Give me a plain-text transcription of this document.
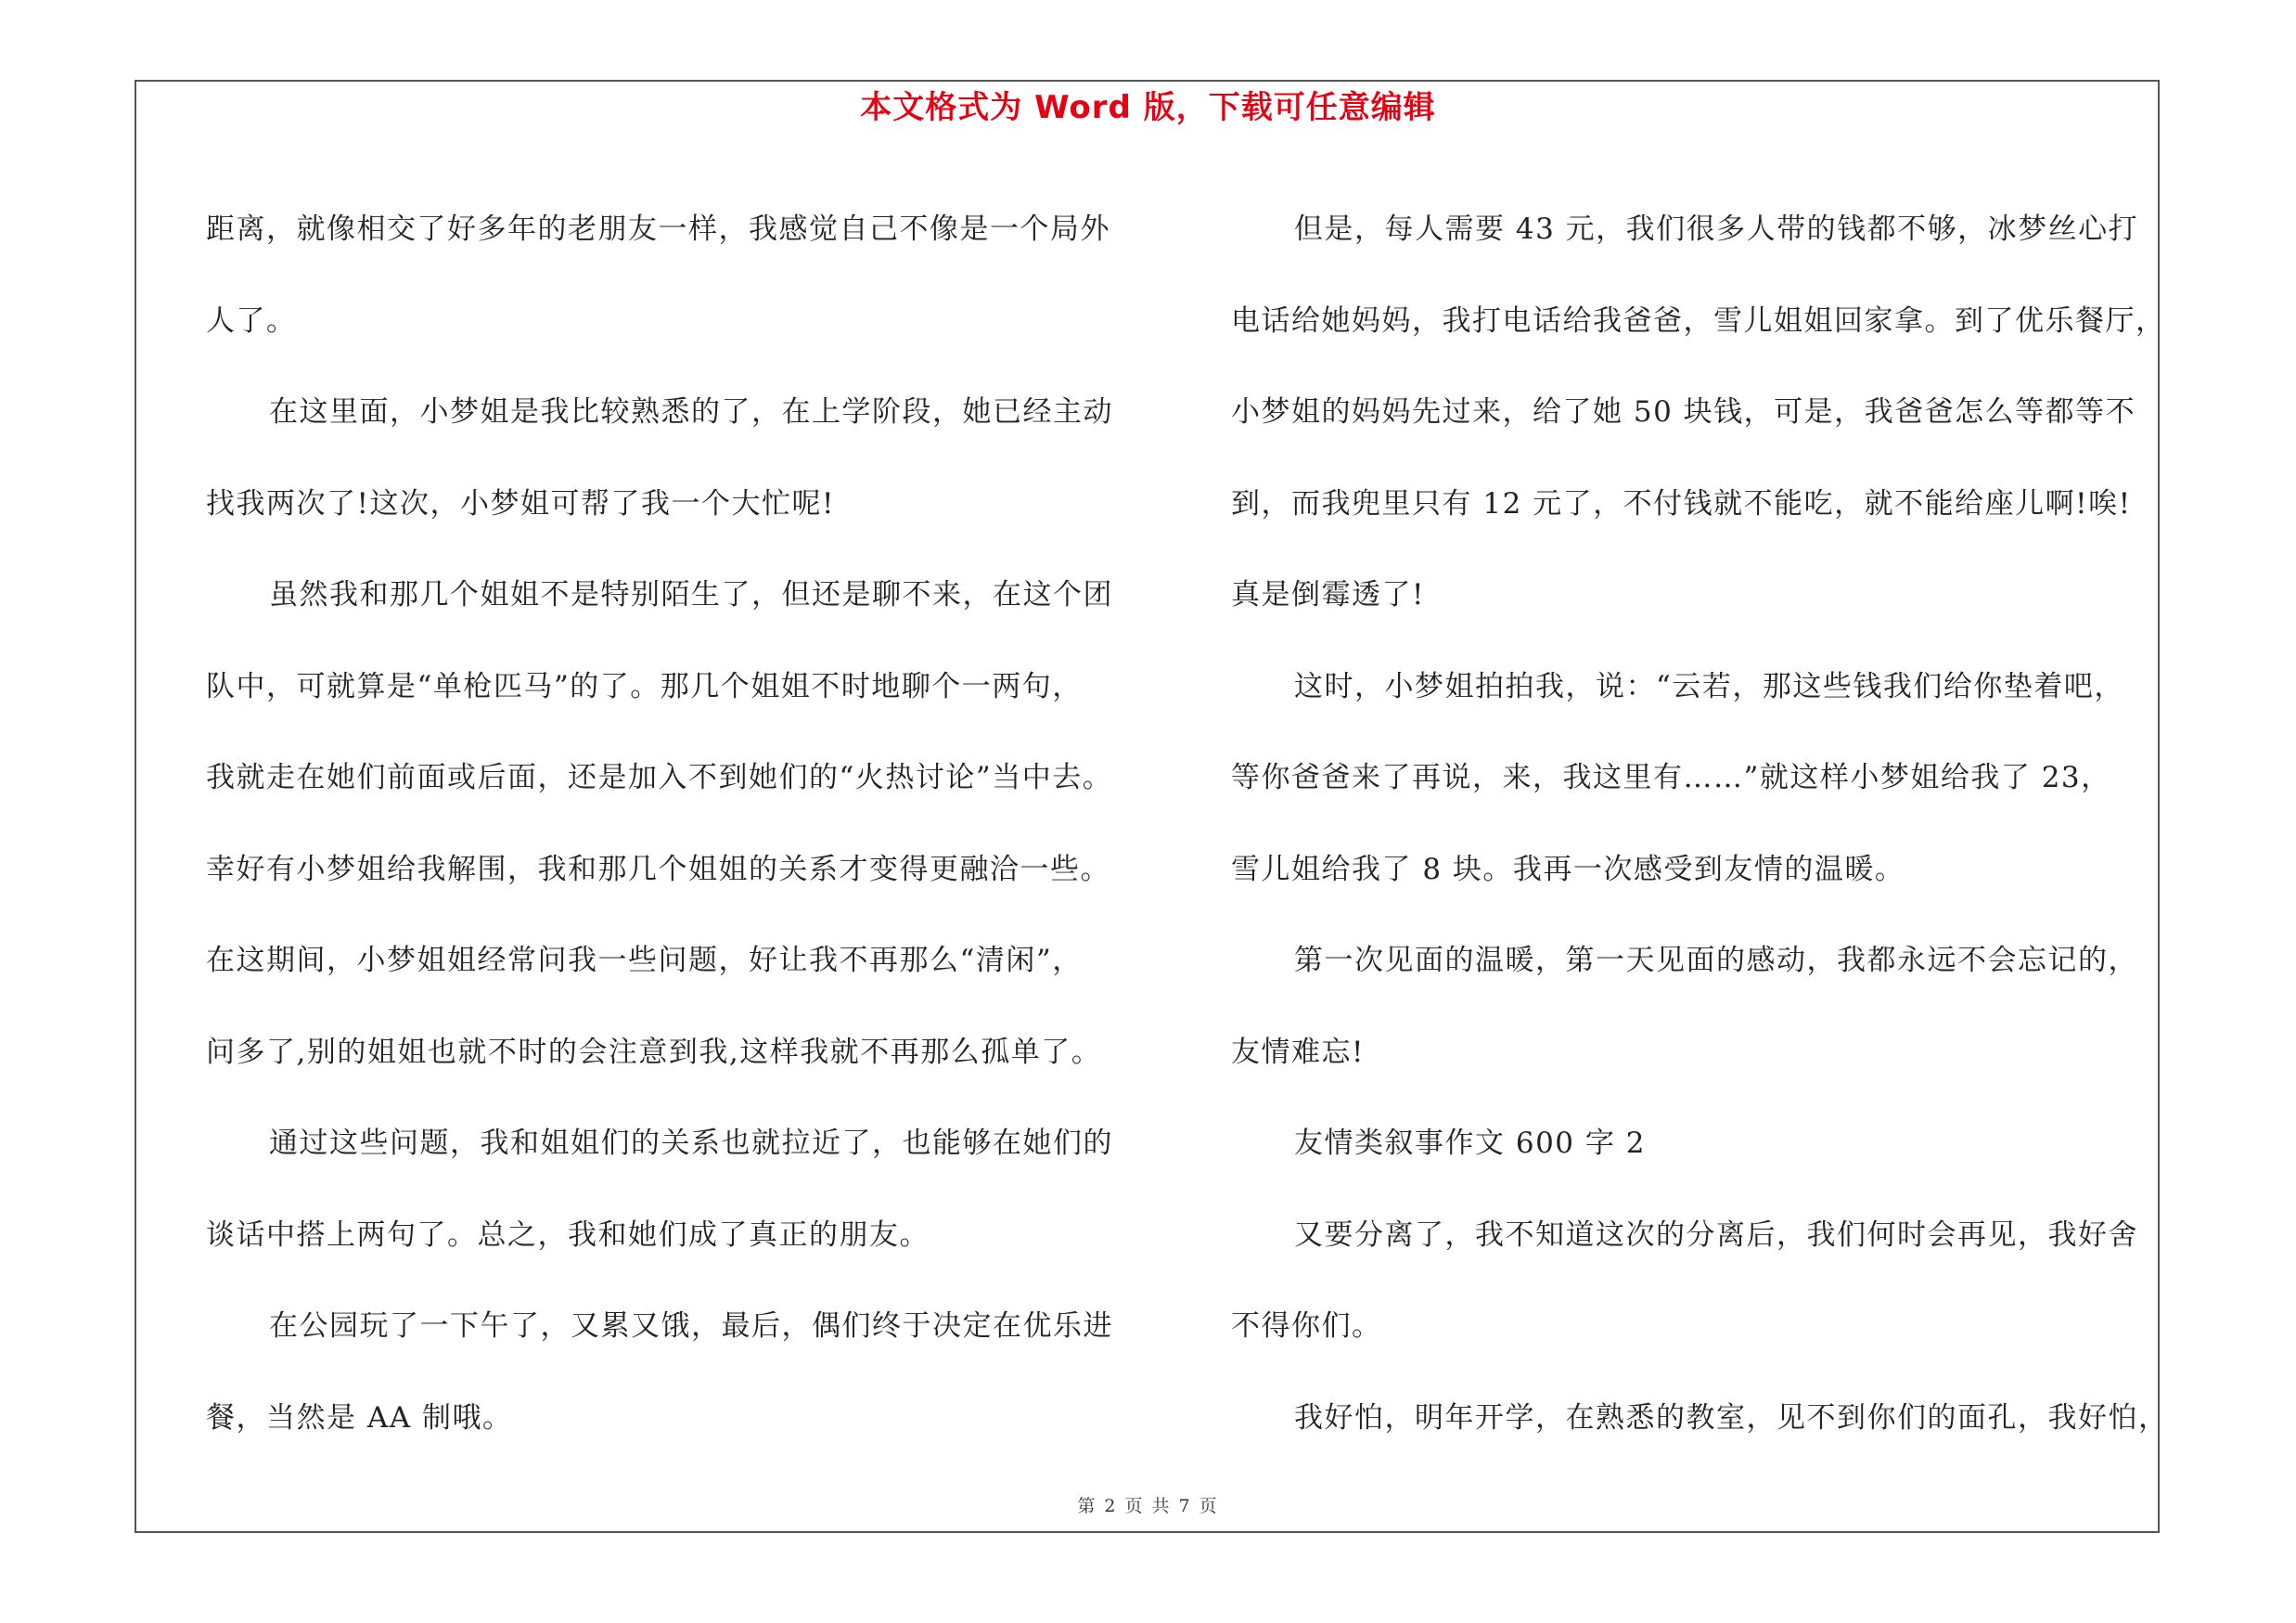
本文格式为 Word 版，下载可任意编辑
距离，就像相交了好多年的老朋友一样，我感觉自己不像是一个局外
人了。
在这里面，小梦姐是我比较熟悉的了，在上学阶段，她已经主动
找我两次了!这次，小梦姐可帮了我一个大忙呢!
虽然我和那几个姐姐不是特别陌生了，但还是聊不来，在这个团
队中，可就算是“单枪匹马”的了。那几个姐姐不时地聊个一两句，
我就走在她们前面或后面，还是加入不到她们的“火热讨论”当中去。
幸好有小梦姐给我解围，我和那几个姐姐的关系才变得更融洽一些。
在这期间，小梦姐姐经常问我一些问题，好让我不再那么“清闲”，
问多了,别的姐姐也就不时的会注意到我,这样我就不再那么孤单了。
通过这些问题，我和姐姐们的关系也就拉近了，也能够在她们的
谈话中搭上两句了。总之，我和她们成了真正的朋友。
在公园玩了一下午了，又累又饿，最后，偶们终于决定在优乐进
餐，当然是 AA 制哦。
但是，每人需要 43 元，我们很多人带的钱都不够，冰梦丝心打
电话给她妈妈，我打电话给我爸爸，雪儿姐姐回家拿。到了优乐餐厅，
小梦姐的妈妈先过来，给了她 50 块钱，可是，我爸爸怎么等都等不
到，而我兜里只有 12 元了，不付钱就不能吃，就不能给座儿啊!唉!
真是倒霉透了!
这时，小梦姐拍拍我，说：“云若，那这些钱我们给你垫着吧，
等你爸爸来了再说，来，我这里有……”就这样小梦姐给我了 23，
雪儿姐给我了 8 块。我再一次感受到友情的温暖。
第一次见面的温暖，第一天见面的感动，我都永远不会忘记的，
友情难忘!
友情类叙事作文 600 字 2
又要分离了，我不知道这次的分离后，我们何时会再见，我好舍
不得你们。
我好怕，明年开学，在熟悉的教室，见不到你们的面孔，我好怕，
第 2 页 共 7 页
